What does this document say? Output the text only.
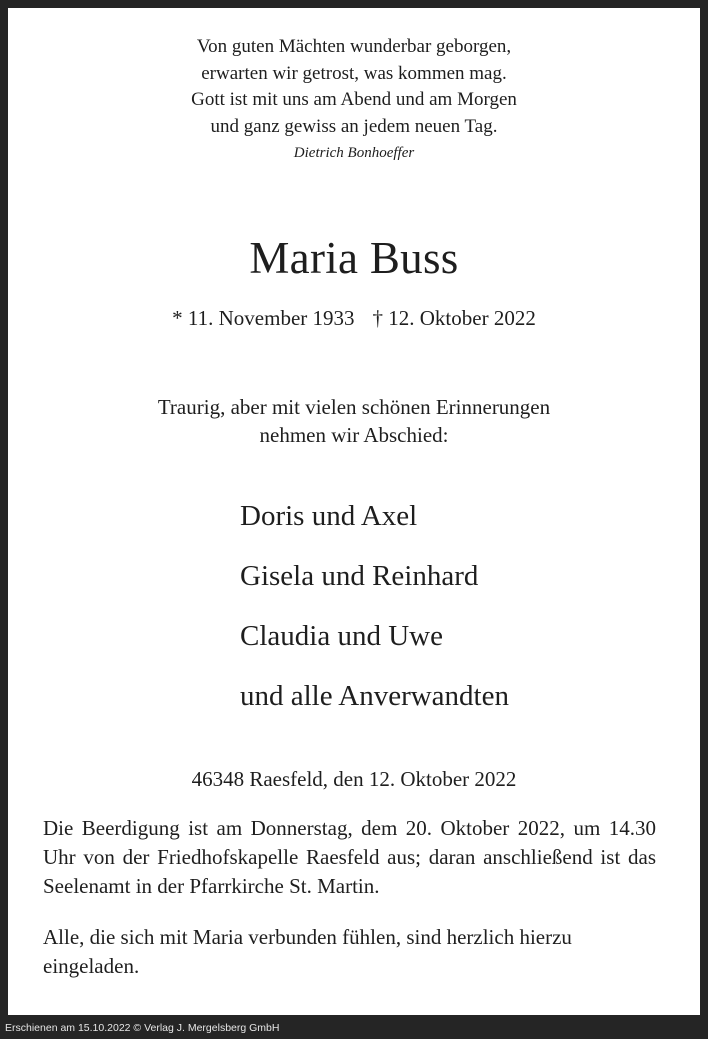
Von guten Mächten wunderbar geborgen,
erwarten wir getrost, was kommen mag.
Gott ist mit uns am Abend und am Morgen
und ganz gewiss an jedem neuen Tag.
Dietrich Bonhoeffer
Maria Buss
* 11. November 1933 † 12. Oktober 2022
Traurig, aber mit vielen schönen Erinnerungen
nehmen wir Abschied:
Doris und Axel
Gisela und Reinhard
Claudia und Uwe
und alle Anverwandten
46348 Raesfeld, den 12. Oktober 2022
Die Beerdigung ist am Donnerstag, dem 20. Oktober 2022, um 14.30 Uhr von der Friedhofskapelle Raesfeld aus; daran anschließend ist das Seelenamt in der Pfarrkirche St. Martin.
Alle, die sich mit Maria verbunden fühlen, sind herzlich hierzu eingeladen.
Erschienen am 15.10.2022 © Verlag J. Mergelsberg GmbH
